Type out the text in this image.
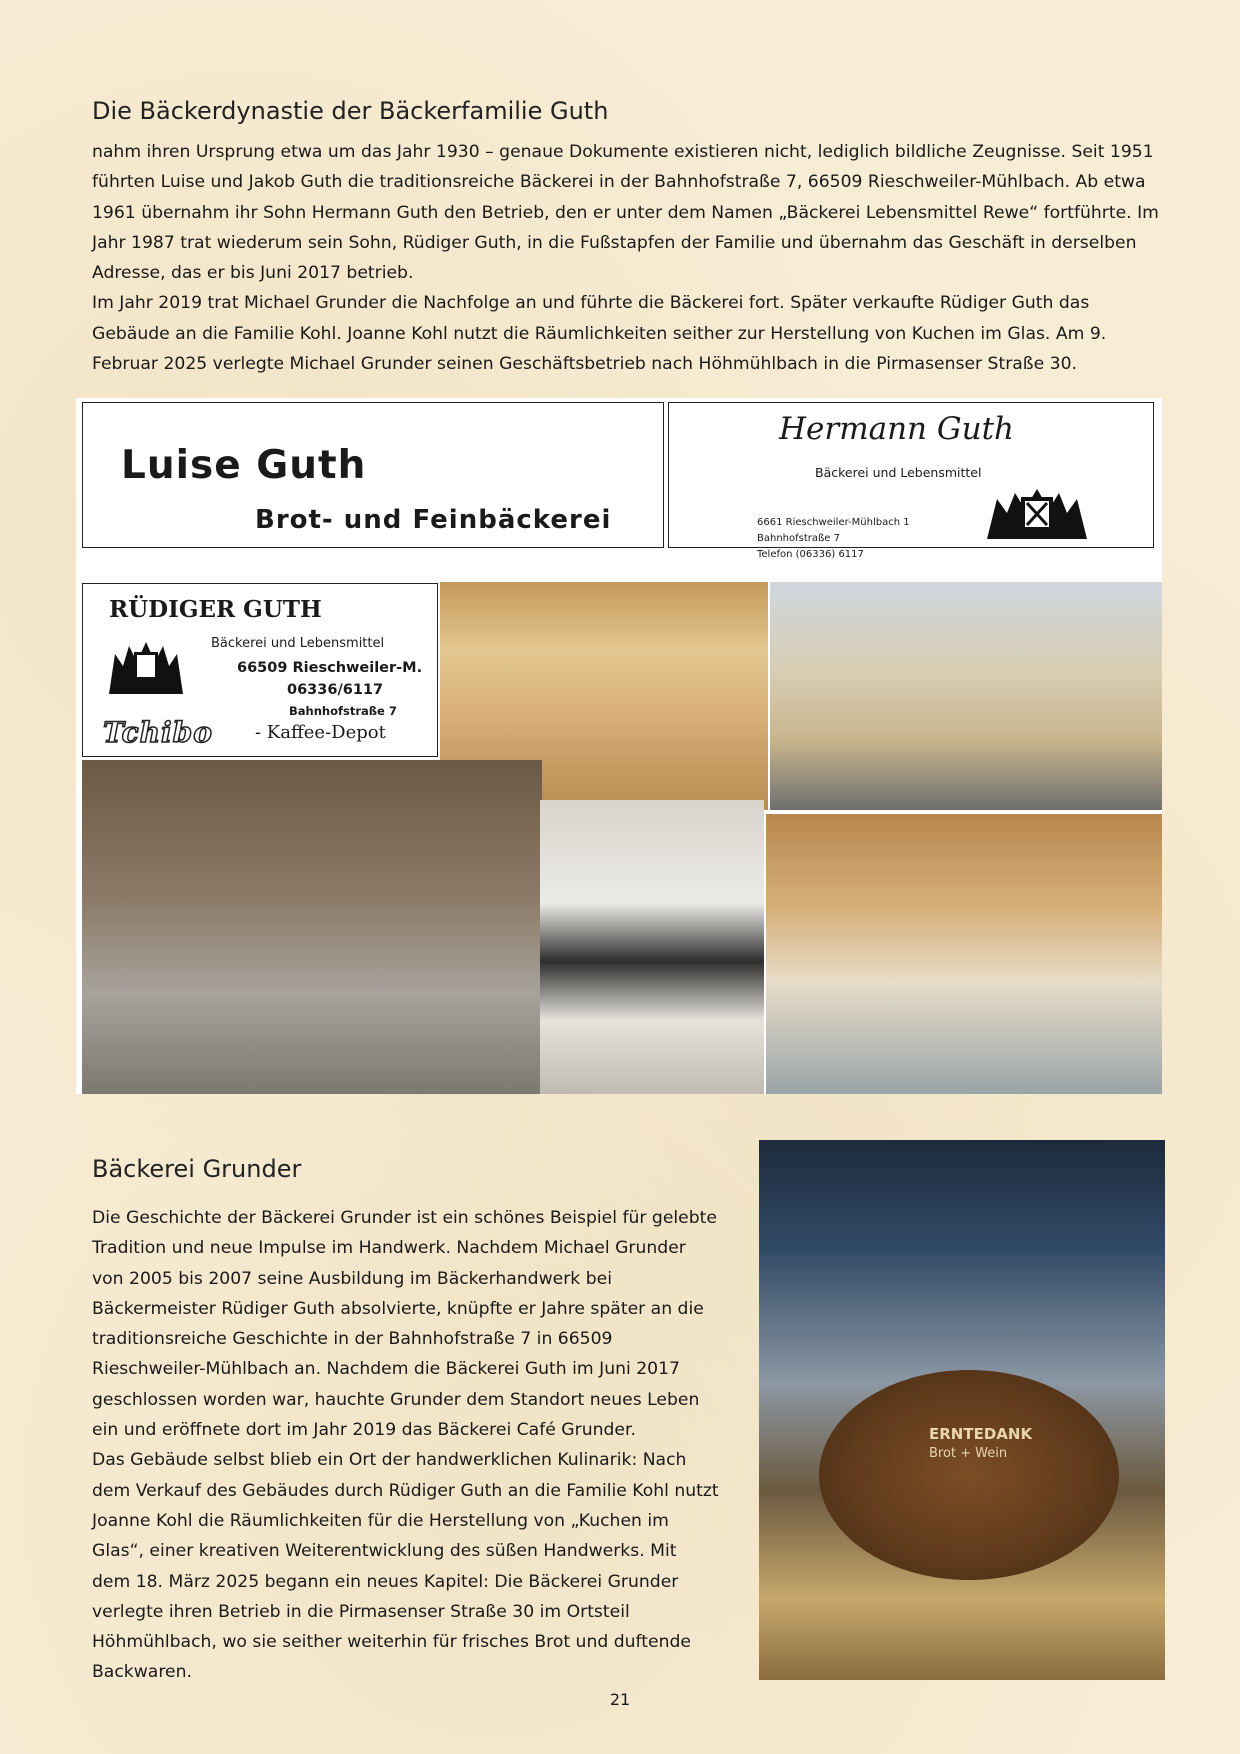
Die Bäckerdynastie der Bäckerfamilie Guth

nahm ihren Ursprung etwa um das Jahr 1930 – genaue Dokumente existieren nicht, lediglich bildliche Zeugnisse. Seit 1951 führten Luise und Jakob Guth die traditionsreiche Bäckerei in der Bahnhofstraße 7, 66509 Rieschweiler-Mühlbach. Ab etwa 1961 übernahm ihr Sohn Hermann Guth den Betrieb, den er unter dem Namen „Bäckerei Lebensmittel Rewe“ fortführte. Im Jahr 1987 trat wiederum sein Sohn, Rüdiger Guth, in die Fußstapfen der Familie und übernahm das Geschäft in derselben Adresse, das er bis Juni 2017 betrieb.

Im Jahr 2019 trat Michael Grunder die Nachfolge an und führte die Bäckerei fort. Später verkaufte Rüdiger Guth das Gebäude an die Familie Kohl. Joanne Kohl nutzt die Räumlichkeiten seither zur Herstellung von Kuchen im Glas. Am 9. Februar 2025 verlegte Michael Grunder seinen Geschäftsbetrieb nach Höhmühlbach in die Pirmasenser Straße 30.

Luise Guth
Brot- und Feinbäckerei
Hermann Guth
Bäckerei und Lebensmittel
6661 Rieschweiler-Mühlbach 1
Bahnhofstraße 7
Telefon (06336) 6117
RÜDIGER GUTH
Bäckerei und Lebensmittel
66509 Rieschweiler-M.
06336/6117
Bahnhofstraße 7
Tchibo - Kaffee-Depot
Bäckerei Grunder

Die Geschichte der Bäckerei Grunder ist ein schönes Beispiel für gelebte Tradition und neue Impulse im Handwerk. Nachdem Michael Grunder von 2005 bis 2007 seine Ausbildung im Bäckerhandwerk bei Bäckermeister Rüdiger Guth absolvierte, knüpfte er Jahre später an die traditionsreiche Geschichte in der Bahnhofstraße 7 in 66509 Rieschweiler-Mühlbach an. Nachdem die Bäckerei Guth im Juni 2017 geschlossen worden war, hauchte Grunder dem Standort neues Leben ein und eröffnete dort im Jahr 2019 das Bäckerei Café Grunder.

Das Gebäude selbst blieb ein Ort der handwerklichen Kulinarik: Nach dem Verkauf des Gebäudes durch Rüdiger Guth an die Familie Kohl nutzt Joanne Kohl die Räumlichkeiten für die Herstellung von „Kuchen im Glas“, einer kreativen Weiterentwicklung des süßen Handwerks. Mit dem 18. März 2025 begann ein neues Kapitel: Die Bäckerei Grunder verlegte ihren Betrieb in die Pirmasenser Straße 30 im Ortsteil Höhmühlbach, wo sie seither weiterhin für frisches Brot und duftende Backwaren.

ERNTEDANK
Brot + Wein
21
